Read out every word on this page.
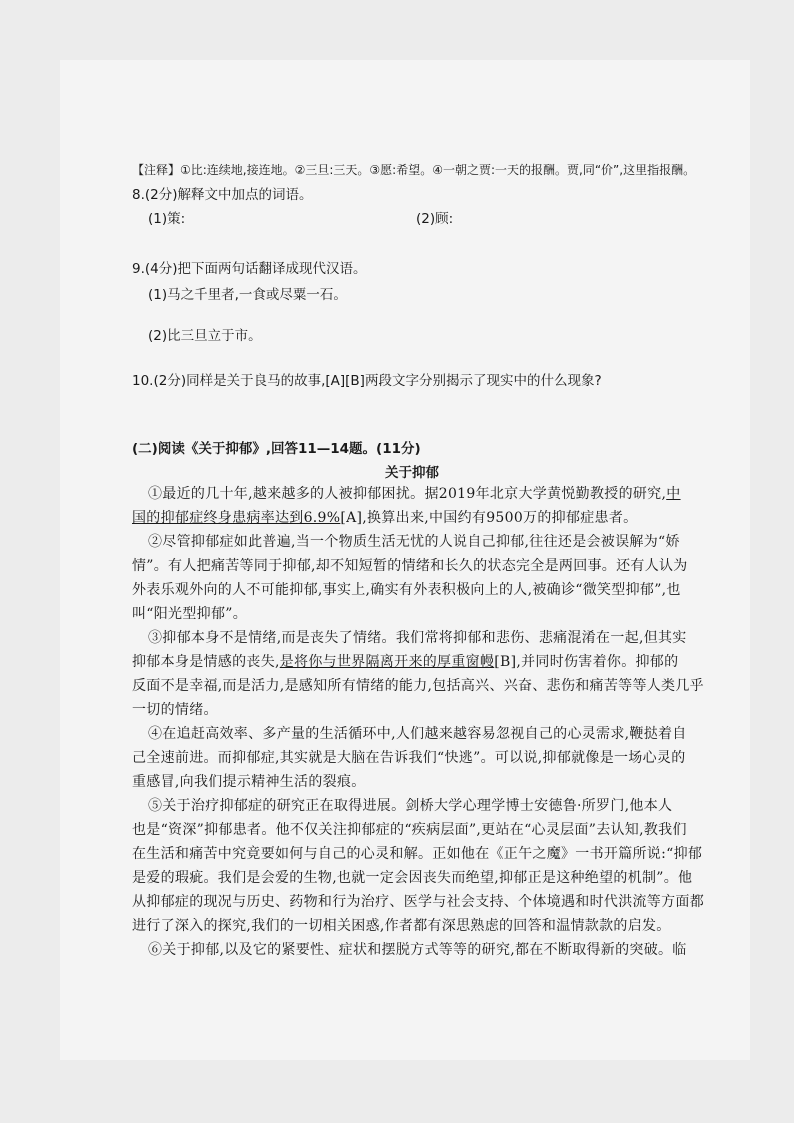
【注释】①比:连续地,接连地。②三旦:三天。③愿:希望。④一朝之贾:一天的报酬。贾,同“价”,这里指报酬。
8.(2分)解释文中加点的词语。
(1)策:	(2)顾:
9.(4分)把下面两句话翻译成现代汉语。
(1)马之千里者,一食或尽粟一石。
(2)比三旦立于市。
10.(2分)同样是关于良马的故事,[A][B]两段文字分别揭示了现实中的什么现象?
(二)阅读《关于抑郁》,回答11—14题。(11分)
关于抑郁
①最近的几十年,越来越多的人被抑郁困扰。据2019年北京大学黄悦勤教授的研究,中
国的抑郁症终身患病率达到6.9%[A],换算出来,中国约有9500万的抑郁症患者。
②尽管抑郁症如此普遍,当一个物质生活无忧的人说自己抑郁,往往还是会被误解为“娇
情”。有人把痛苦等同于抑郁,却不知短暂的情绪和长久的状态完全是两回事。还有人认为
外表乐观外向的人不可能抑郁,事实上,确实有外表积极向上的人,被确诊“微笑型抑郁”,也
叫“阳光型抑郁”。
③抑郁本身不是情绪,而是丧失了情绪。我们常将抑郁和悲伤、悲痛混淆在一起,但其实
抑郁本身是情感的丧失,是将你与世界隔离开来的厚重窗幔[B],并同时伤害着你。抑郁的
反面不是幸福,而是活力,是感知所有情绪的能力,包括高兴、兴奋、悲伤和痛苦等等人类几乎
一切的情绪。
④在追赶高效率、多产量的生活循环中,人们越来越容易忽视自己的心灵需求,鞭挞着自
己全速前进。而抑郁症,其实就是大脑在告诉我们“快逃”。可以说,抑郁就像是一场心灵的
重感冒,向我们提示精神生活的裂痕。
⑤关于治疗抑郁症的研究正在取得进展。剑桥大学心理学博士安德鲁·所罗门,他本人
也是“资深”抑郁患者。他不仅关注抑郁症的“疾病层面”,更站在“心灵层面”去认知,教我们
在生活和痛苦中究竟要如何与自己的心灵和解。正如他在《正午之魔》一书开篇所说:“抑郁
是爱的瑕疵。我们是会爱的生物,也就一定会因丧失而绝望,抑郁正是这种绝望的机制”。他
从抑郁症的现况与历史、药物和行为治疗、医学与社会支持、个体境遇和时代洪流等方面都
进行了深入的探究,我们的一切相关困惑,作者都有深思熟虑的回答和温情款款的启发。
⑥关于抑郁,以及它的紧要性、症状和摆脱方式等等的研究,都在不断取得新的突破。临
